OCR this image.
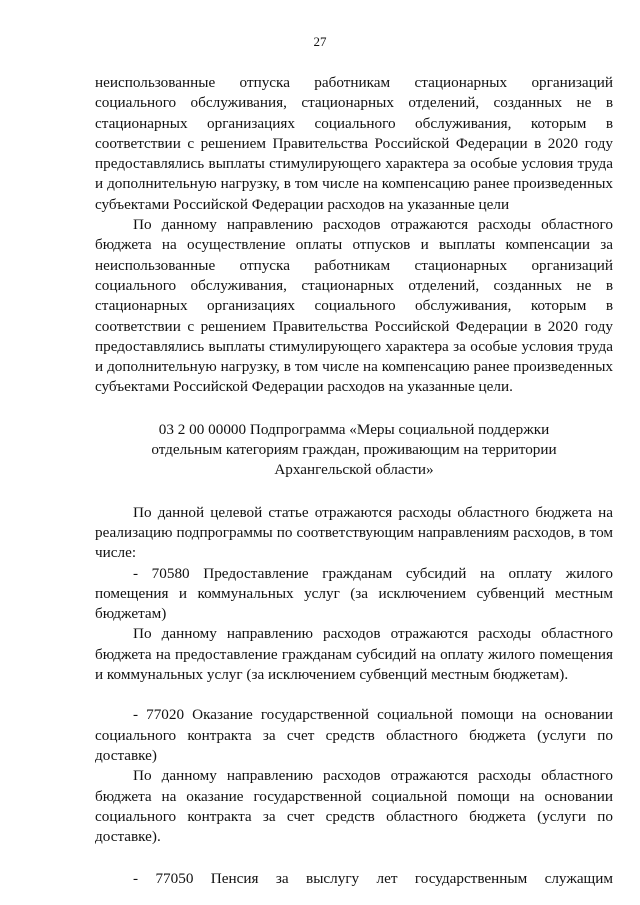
27

неиспользованные отпуска работникам стационарных организаций социального обслуживания, стационарных отделений, созданных не в стационарных организациях социального обслуживания, которым в соответствии с решением Правительства Российской Федерации в 2020 году предоставлялись выплаты стимулирующего характера за особые условия труда и дополнительную нагрузку, в том числе на компенсацию ранее произведенных субъектами Российской Федерации расходов на указанные цели

По данному направлению расходов отражаются расходы областного бюджета на осуществление оплаты отпусков и выплаты компенсации за неиспользованные отпуска работникам стационарных организаций социального обслуживания, стационарных отделений, созданных не в стационарных организациях социального обслуживания, которым в соответствии с решением Правительства Российской Федерации в 2020 году предоставлялись выплаты стимулирующего характера за особые условия труда и дополнительную нагрузку, в том числе на компенсацию ранее произведенных субъектами Российской Федерации расходов на указанные цели.

03 2 00 00000 Подпрограмма «Меры социальной поддержки отдельным категориям граждан, проживающим на территории Архангельской области»

По данной целевой статье отражаются расходы областного бюджета на реализацию подпрограммы по соответствующим направлениям расходов, в том числе:

- 70580 Предоставление гражданам субсидий на оплату жилого помещения и коммунальных услуг (за исключением субвенций местным бюджетам)

По данному направлению расходов отражаются расходы областного бюджета на предоставление гражданам субсидий на оплату жилого помещения и коммунальных услуг (за исключением субвенций местным бюджетам).

- 77020 Оказание государственной социальной помощи на основании социального контракта за счет средств областного бюджета (услуги по доставке)

По данному направлению расходов отражаются расходы областного бюджета на оказание государственной социальной помощи на основании социального контракта за счет средств областного бюджета (услуги по доставке).

- 77050 Пенсия за выслугу лет государственным служащим
